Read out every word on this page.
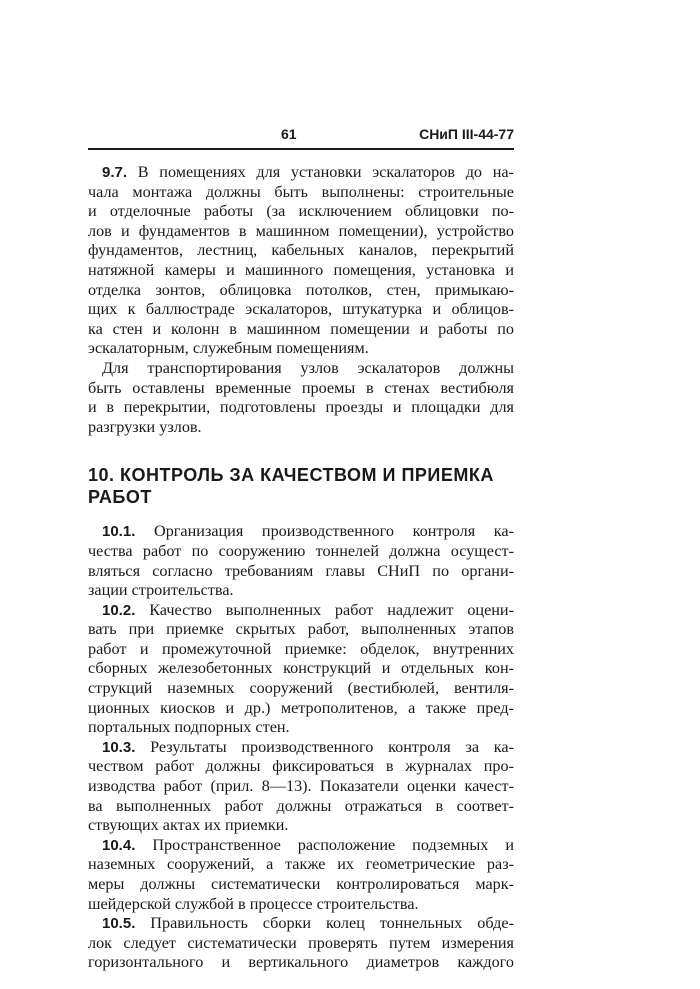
61	СНиП III-44-77
9.7. В помещениях для установки эскалаторов до на-
чала монтажа должны быть выполнены: строительные
и отделочные работы (за исключением облицовки по-
лов и фундаментов в машинном помещении), устройство
фундаментов, лестниц, кабельных каналов, перекрытий
натяжной камеры и машинного помещения, установка и
отделка зонтов, облицовка потолков, стен, примыкаю-
щих к баллюстраде эскалаторов, штукатурка и облицов-
ка стен и колонн в машинном помещении и работы по
эскалаторным, служебным помещениям.
Для транспортирования узлов эскалаторов должны
быть оставлены временные проемы в стенах вестибюля
и в перекрытии, подготовлены проезды и площадки для
разгрузки узлов.
10. КОНТРОЛЬ ЗА КАЧЕСТВОМ И ПРИЕМКА
РАБОТ
10.1. Организация производственного контроля ка-
чества работ по сооружению тоннелей должна осущест-
вляться согласно требованиям главы СНиП по органи-
зации строительства.
10.2. Качество выполненных работ надлежит оцени-
вать при приемке скрытых работ, выполненных этапов
работ и промежуточной приемке: обделок, внутренних
сборных железобетонных конструкций и отдельных кон-
струкций наземных сооружений (вестибюлей, вентиля-
ционных киосков и др.) метрополитенов, а также пред-
портальных подпорных стен.
10.3. Результаты производственного контроля за ка-
чеством работ должны фиксироваться в журналах про-
изводства работ (прил. 8—13). Показатели оценки качест-
ва выполненных работ должны отражаться в соответ-
ствующих актах их приемки.
10.4. Пространственное расположение подземных и
наземных сооружений, а также их геометрические раз-
меры должны систематически контролироваться марк-
шейдерской службой в процессе строительства.
10.5. Правильность сборки колец тоннельных обде-
лок следует систематически проверять путем измерения
горизонтального и вертикального диаметров каждого
